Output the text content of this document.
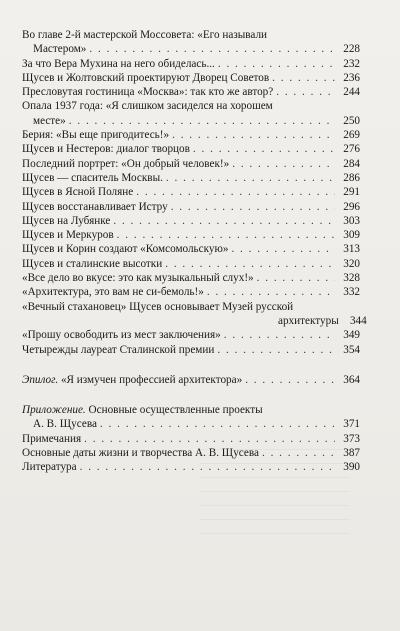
Во главе 2-й мастерской Моссовета: «Его называли
Мастером» . . .	228
За что Вера Мухина на него обиделась... . . .	232
Щусев и Жолтовский проектируют Дворец Советов . . .	236
Пресловутая гостиница «Москва»: так кто же автор? . . .	244
Опала 1937 года: «Я слишком засиделся на хорошем
месте» . . .	250
Берия: «Вы еще пригодитесь!» . . .	269
Щусев и Нестеров: диалог творцов . . .	276
Последний портрет: «Он добрый человек!» . . .	284
Щусев — спаситель Москвы. . . .	286
Щусев в Ясной Поляне . . .	291
Щусев восстанавливает Истру . . .	296
Щусев на Лубянке . . .	303
Щусев и Меркуров . . .	309
Щусев и Корин создают «Комсомольскую» . . .	313
Щусев и сталинские высотки . . .	320
«Все дело во вкусе: это как музыкальный слух!» . . .	328
«Архитектура, это вам не си-бемоль!» . . .	332
«Вечный стахановец» Щусев основывает Музей русской
архитектуры	344
«Прошу освободить из мест заключения» . . .	349
Четырежды лауреат Сталинской премии . . .	354
Эпилог. «Я измучен профессией архитектора» . . .	364
Приложение. Основные осуществленные проекты
А. В. Щусева . . .	371
Примечания . . .	373
Основные даты жизни и творчества А. В. Щусева . . .	387
Литература . . .	390
